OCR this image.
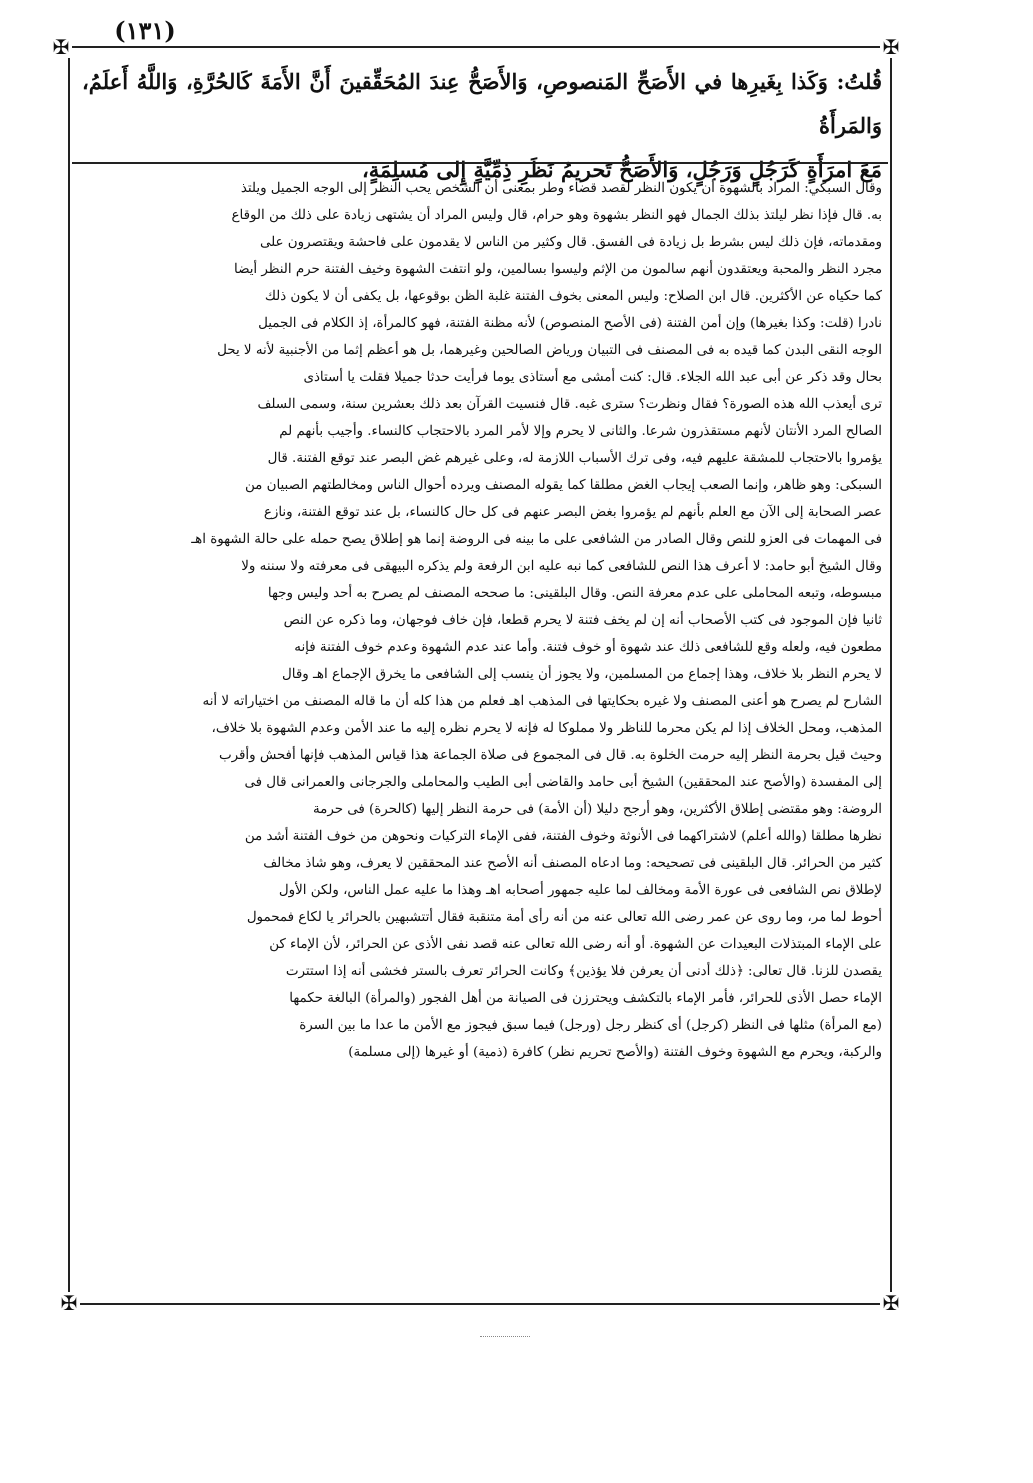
(١٣١)
✠	✠
✠	✠
قُلتُ: وَكَذا بِغَيرِها في الأَصَحِّ المَنصوصِ، وَالأَصَحُّ عِندَ المُحَقِّقينَ أَنَّ الأَمَةَ كَالحُرَّةِ، وَاللَّهُ أَعلَمُ، وَالمَرأَةُ
مَعَ امرَأَةٍ كَرَجُلٍ وَرَجُلٍ، وَالأَصَحُّ تَحريمُ نَظَرِ ذِمِّيَّةٍ إِلى مُسلِمَةٍ،

وقال السبكي: المراد بالشهوة أن يكون النظر لقصد قضاء وطر بمعنى أن الشخص يحب النظر إلى الوجه الجميل ويلتذ

به. قال فإذا نظر ليلتذ بذلك الجمال فهو النظر بشهوة وهو حرام، قال وليس المراد أن يشتهى زيادة على ذلك من الوقاع

ومقدماته، فإن ذلك ليس بشرط بل زيادة فى الفسق. قال وكثير من الناس لا يقدمون على فاحشة ويقتصرون على

مجرد النظر والمحبة ويعتقدون أنهم سالمون من الإثم وليسوا بسالمين، ولو انتفت الشهوة وخيف الفتنة حرم النظر أيضا

كما حكياه عن الأكثرين. قال ابن الصلاح: وليس المعنى بخوف الفتنة غلبة الظن بوقوعها، بل يكفى أن لا يكون ذلك

نادرا (قلت: وكذا بغيرها) وإن أمن الفتنة (فى الأصح المنصوص) لأنه مظنة الفتنة، فهو كالمرأة، إذ الكلام فى الجميل

الوجه النقى البدن كما قيده به فى المصنف فى التبيان ورياض الصالحين وغيرهما، بل هو أعظم إثما من الأجنبية لأنه لا يحل

بحال وقد ذكر عن أبى عبد الله الجلاء. قال: كنت أمشى مع أستاذى يوما فرأيت حدثا جميلا فقلت يا أستاذى

ترى أيعذب الله هذه الصورة؟ فقال ونظرت؟ سترى غبه. قال فنسيت القرآن بعد ذلك بعشرين سنة، وسمى السلف

الصالح المرد الأنتان لأنهم مستقذرون شرعا. والثانى لا يحرم وإلا لأمر المرد بالاحتجاب كالنساء. وأجيب بأنهم لم

يؤمروا بالاحتجاب للمشقة عليهم فيه، وفى ترك الأسباب اللازمة له، وعلى غيرهم غض البصر عند توقع الفتنة. قال

السبكى: وهو ظاهر، وإنما الصعب إيجاب الغض مطلقا كما يقوله المصنف ويرده أحوال الناس ومخالطتهم الصبيان من

عصر الصحابة إلى الآن مع العلم بأنهم لم يؤمروا بغض البصر عنهم فى كل حال كالنساء، بل عند توقع الفتنة، ونازع

فى المهمات فى العزو للنص وقال الصادر من الشافعى على ما بينه فى الروضة إنما هو إطلاق يصح حمله على حالة الشهوة اهـ

وقال الشيخ أبو حامد: لا أعرف هذا النص للشافعى كما نبه عليه ابن الرفعة ولم يذكره البيهقى فى معرفته ولا سننه ولا

مبسوطه، وتبعه المحاملى على عدم معرفة النص. وقال البلقينى: ما صححه المصنف لم يصرح به أحد وليس وجها

ثانيا فإن الموجود فى كتب الأصحاب أنه إن لم يخف فتنة لا يحرم قطعا، فإن خاف فوجهان، وما ذكره عن النص

مطعون فيه، ولعله وقع للشافعى ذلك عند شهوة أو خوف فتنة. وأما عند عدم الشهوة وعدم خوف الفتنة فإنه

لا يحرم النظر بلا خلاف، وهذا إجماع من المسلمين، ولا يجوز أن ينسب إلى الشافعى ما يخرق الإجماع اهـ وقال

الشارح لم يصرح هو أعنى المصنف ولا غيره بحكايتها فى المذهب اهـ فعلم من هذا كله أن ما قاله المصنف من اختياراته لا أنه

المذهب، ومحل الخلاف إذا لم يكن محرما للناظر ولا مملوكا له فإنه لا يحرم نظره إليه ما عند الأمن وعدم الشهوة بلا خلاف،

وحيث قيل بحرمة النظر إليه حرمت الخلوة به. قال فى المجموع فى صلاة الجماعة هذا قياس المذهب فإنها أفحش وأقرب

إلى المفسدة (والأصح عند المحققين) الشيخ أبى حامد والقاضى أبى الطيب والمحاملى والجرجانى والعمرانى قال فى

الروضة: وهو مقتضى إطلاق الأكثرين، وهو أرجح دليلا (أن الأمة) فى حرمة النظر إليها (كالحرة) فى حرمة

نظرها مطلقا (والله أعلم) لاشتراكهما فى الأنوثة وخوف الفتنة، ففى الإماء التركيات ونحوهن من خوف الفتنة أشد من

كثير من الحرائر. قال البلقينى فى تصحيحه: وما ادعاه المصنف أنه الأصح عند المحققين لا يعرف، وهو شاذ مخالف

لإطلاق نص الشافعى فى عورة الأمة ومخالف لما عليه جمهور أصحابه اهـ وهذا ما عليه عمل الناس، ولكن الأول

أحوط لما مر، وما روى عن عمر رضى الله تعالى عنه من أنه رأى أمة متنقبة فقال أتتشبهين بالحرائر يا لكاع فمحمول

على الإماء المبتذلات البعيدات عن الشهوة. أو أنه رضى الله تعالى عنه قصد نفى الأذى عن الحرائر، لأن الإماء كن

يقصدن للزنا. قال تعالى: ﴿ذلك أدنى أن يعرفن فلا يؤذين﴾ وكانت الحرائر تعرف بالستر فخشى أنه إذا استترت

الإماء حصل الأذى للحرائر، فأمر الإماء بالتكشف ويحترزن فى الصيانة من أهل الفجور (والمرأة) البالغة حكمها

(مع المرأة) مثلها فى النظر (كرجل) أى كنظر رجل (ورجل) فيما سبق فيجوز مع الأمن ما عدا ما بين السرة

والركبة، ويحرم مع الشهوة وخوف الفتنة (والأصح تحريم نظر) كافرة (ذمية) أو غيرها (إلى مسلمة)
